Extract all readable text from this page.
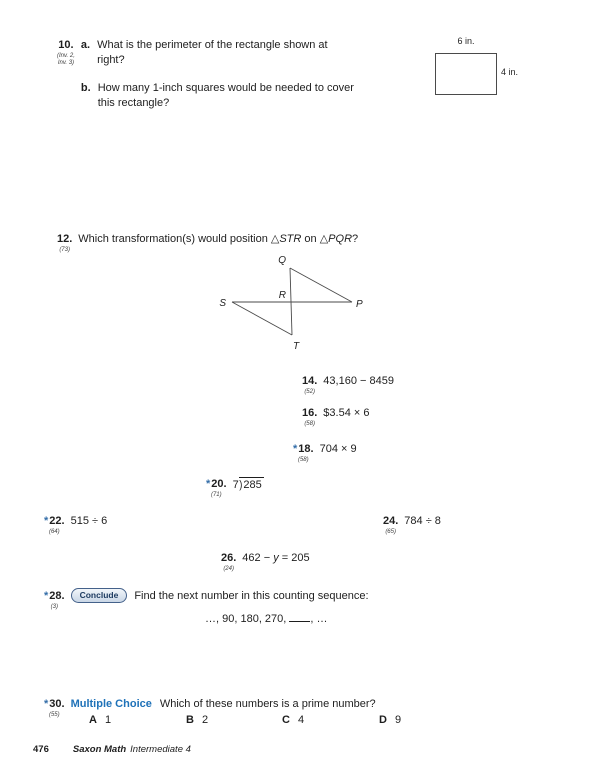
10.
(Inv. 2,
Inv. 3)
a. What is the perimeter of the rectangle shown at
right?
b. How many 1-inch squares would be needed to cover
this rectangle?
6 in.
4 in.
12.
(73)
Which transformation(s) would position △STR on △PQR?
Q
R
S	P
T
14.
(52)
43,160 − 8459
16.
(58)
$3.54 × 6
*18.
(58)
704 × 9
*20.
(71)
7)285
*22.
(64)
515 ÷ 6	24.
(65)
784 ÷ 8
26.
(24)
462 − y = 205
*28.
(3)
Conclude Find the next number in this counting sequence:
…, 90, 180, 270, , …
*30.
(55)
Multiple Choice Which of these numbers is a prime number?
A 1	B 2	C 4	D 9
476	Saxon Math Intermediate 4
